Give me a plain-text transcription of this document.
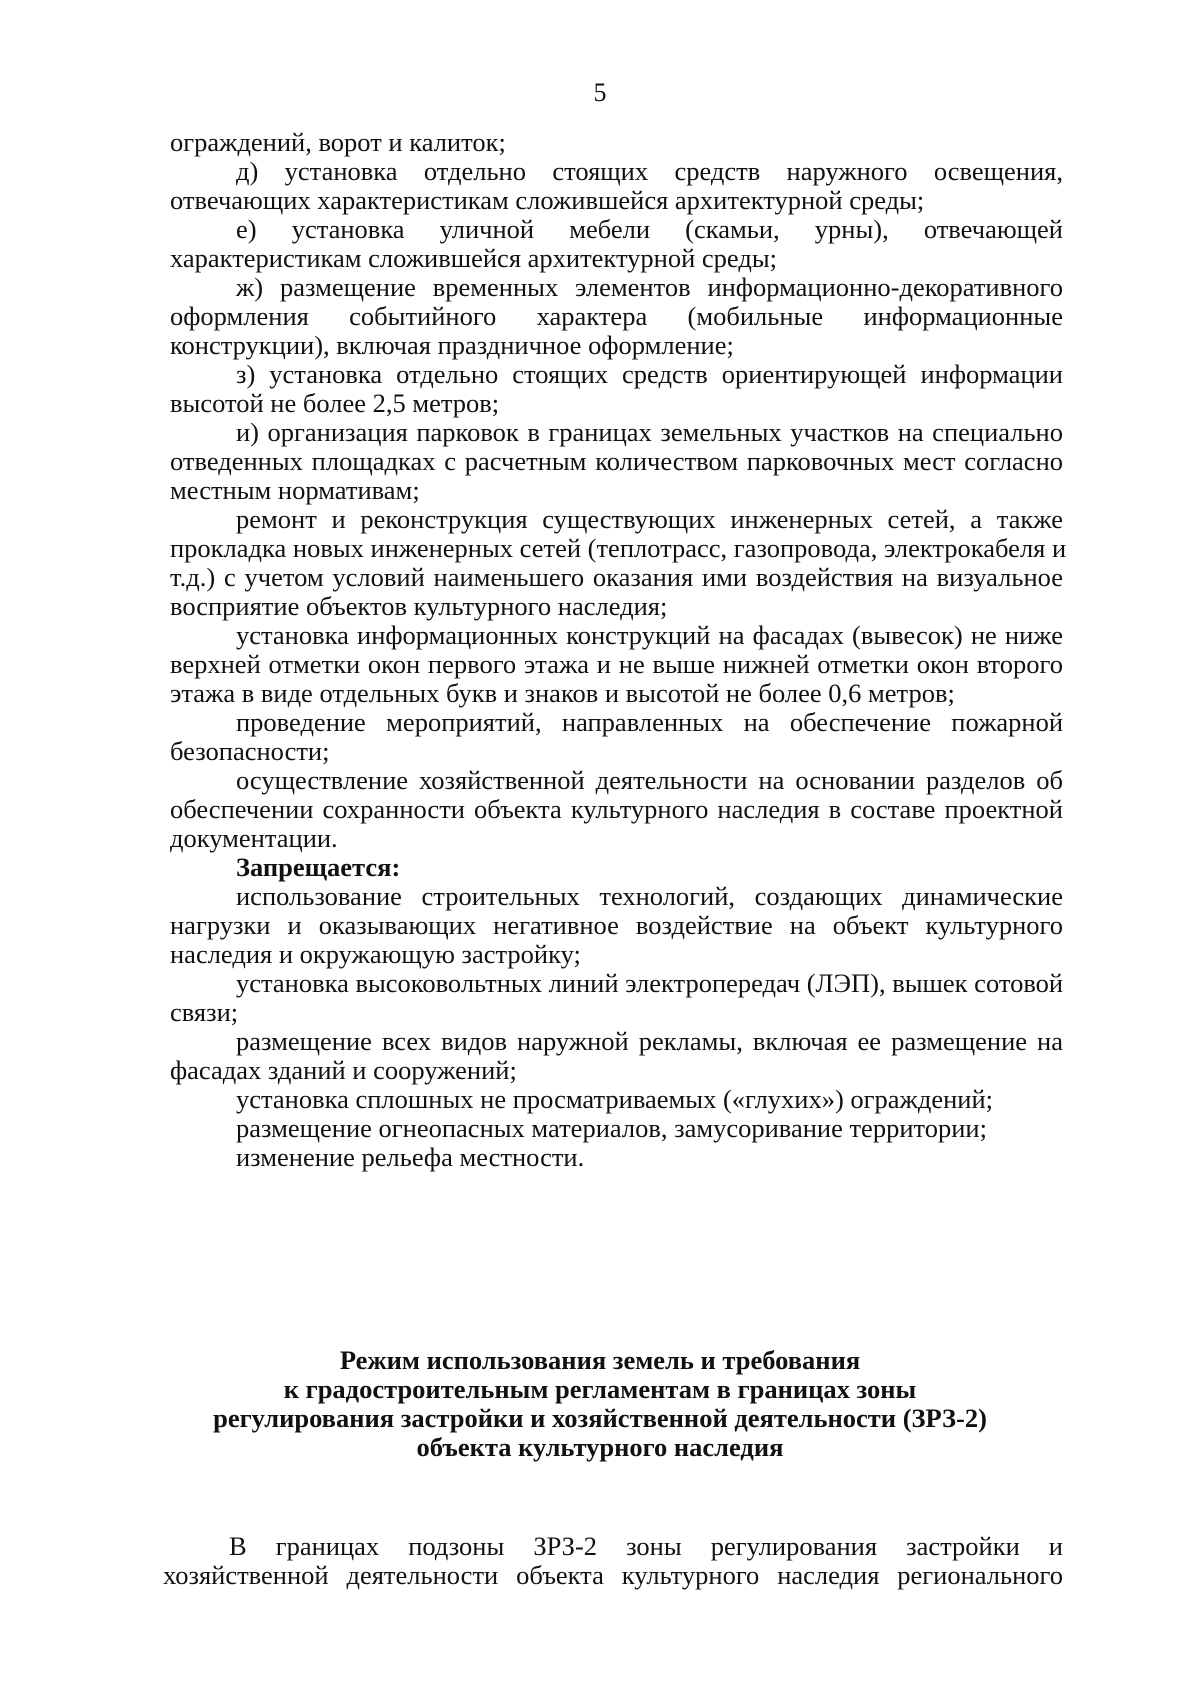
5
ограждений, ворот и калиток;
д) установка отдельно стоящих средств наружного освещения,
отвечающих характеристикам сложившейся архитектурной среды;
е) установка уличной мебели (скамьи, урны), отвечающей
характеристикам сложившейся архитектурной среды;
ж) размещение временных элементов информационно-декоративного
оформления событийного характера (мобильные информационные
конструкции), включая праздничное оформление;
з) установка отдельно стоящих средств ориентирующей информации
высотой не более 2,5 метров;
и) организация парковок в границах земельных участков на специально
отведенных площадках с расчетным количеством парковочных мест согласно
местным нормативам;
ремонт и реконструкция существующих инженерных сетей, а также
прокладка новых инженерных сетей (теплотрасс, газопровода, электрокабеля и
т.д.) с учетом условий наименьшего оказания ими воздействия на визуальное
восприятие объектов культурного наследия;
установка информационных конструкций на фасадах (вывесок) не ниже
верхней отметки окон первого этажа и не выше нижней отметки окон второго
этажа в виде отдельных букв и знаков и высотой не более 0,6 метров;
проведение мероприятий, направленных на обеспечение пожарной
безопасности;
осуществление хозяйственной деятельности на основании разделов об
обеспечении сохранности объекта культурного наследия в составе проектной
документации.
Запрещается:
использование строительных технологий, создающих динамические
нагрузки и оказывающих негативное воздействие на объект культурного
наследия и окружающую застройку;
установка высоковольтных линий электропередач (ЛЭП), вышек сотовой
связи;
размещение всех видов наружной рекламы, включая ее размещение на
фасадах зданий и сооружений;
установка сплошных не просматриваемых («глухих») ограждений;
размещение огнеопасных материалов, замусоривание территории;
изменение рельефа местности.
Режим использования земель и требования
к градостроительным регламентам в границах зоны
регулирования застройки и хозяйственной деятельности (ЗРЗ-2)
объекта культурного наследия
В границах подзоны ЗРЗ-2 зоны регулирования застройки и
хозяйственной деятельности объекта культурного наследия регионального
